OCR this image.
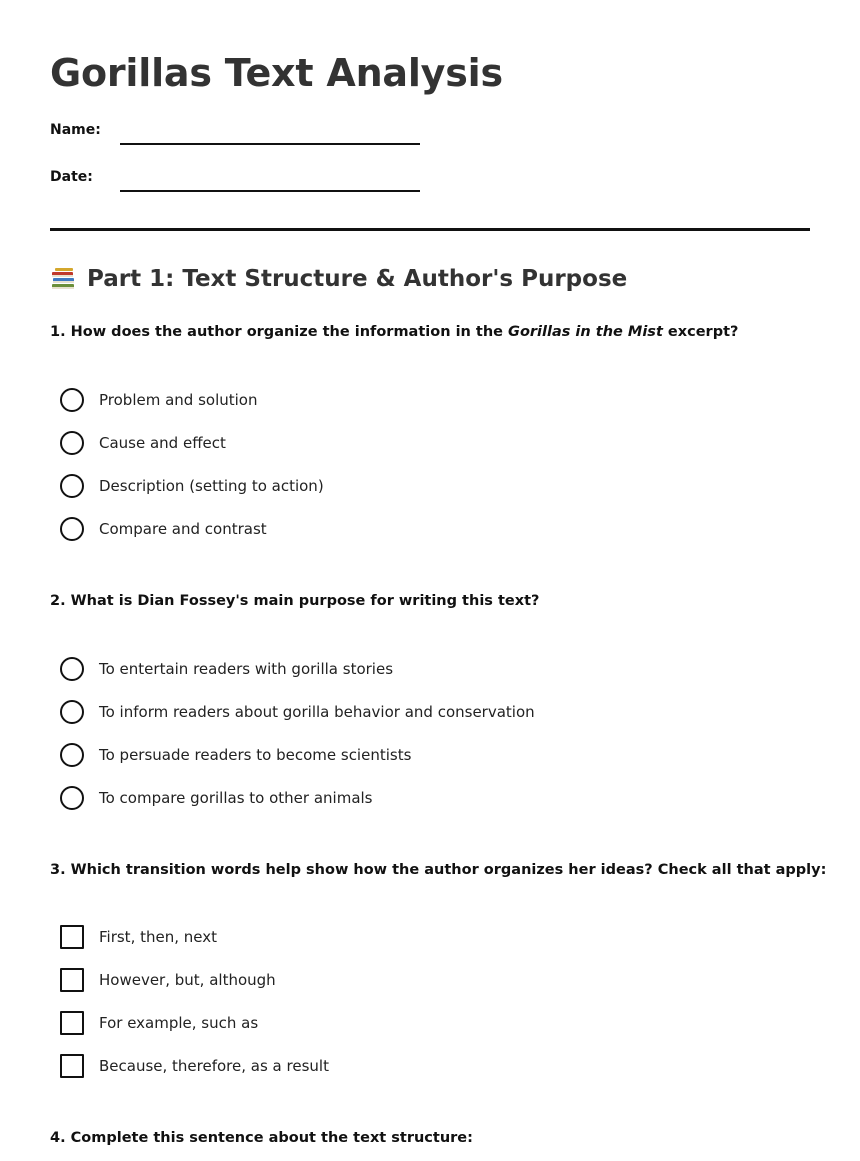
Gorillas Text Analysis
Name:
Date:
Part 1: Text Structure & Author's Purpose
1. How does the author organize the information in the Gorillas in the Mist excerpt?
Problem and solution
Cause and effect
Description (setting to action)
Compare and contrast
2. What is Dian Fossey's main purpose for writing this text?
To entertain readers with gorilla stories
To inform readers about gorilla behavior and conservation
To persuade readers to become scientists
To compare gorillas to other animals
3. Which transition words help show how the author organizes her ideas? Check all that apply:
First, then, next
However, but, although
For example, such as
Because, therefore, as a result
4. Complete this sentence about the text structure:
